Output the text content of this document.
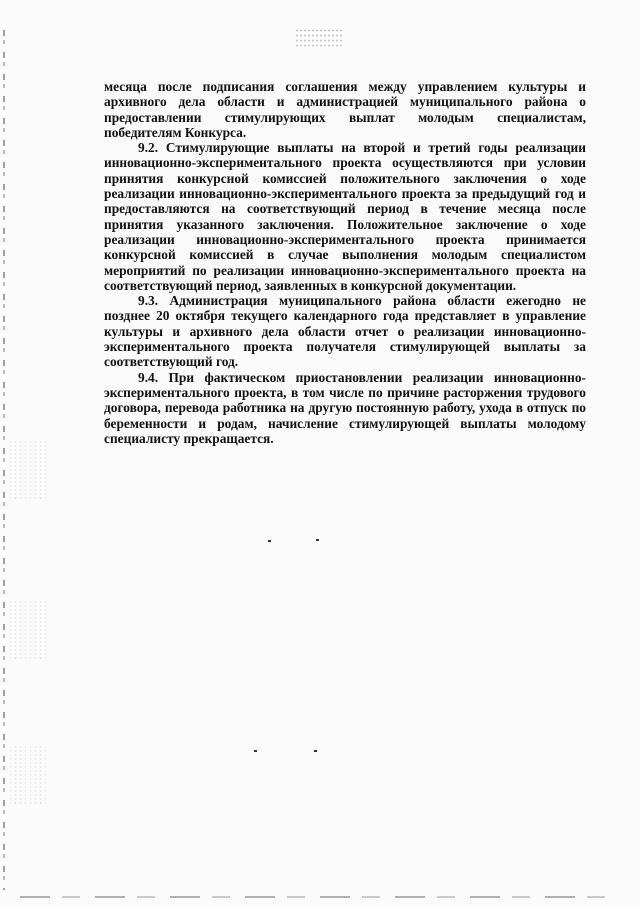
месяца после подписания соглашения между управлением культуры и архивного дела области и администрацией муниципального района о предоставлении стимулирующих выплат молодым специалистам, победителям Конкурса.

9.2. Стимулирующие выплаты на второй и третий годы реализации инновационно-экспериментального проекта осуществляются при условии принятия конкурсной комиссией положительного заключения о ходе реализации инновационно-экспериментального проекта за предыдущий год и предоставляются на соответствующий период в течение месяца после принятия указанного заключения. Положительное заключение о ходе реализации инновационно-экспериментального проекта принимается конкурсной комиссией в случае выполнения молодым специалистом мероприятий по реализации инновационно-экспериментального проекта на соответствующий период, заявленных в конкурсной документации.

9.3. Администрация муниципального района области ежегодно не позднее 20 октября текущего календарного года представляет в управление культуры и архивного дела области отчет о реализации инновационно-экспериментального проекта получателя стимулирующей выплаты за соответствующий год.

9.4. При фактическом приостановлении реализации инновационно-экспериментального проекта, в том числе по причине расторжения трудового договора, перевода работника на другую постоянную работу, ухода в отпуск по беременности и родам, начисление стимулирующей выплаты молодому специалисту прекращается.
